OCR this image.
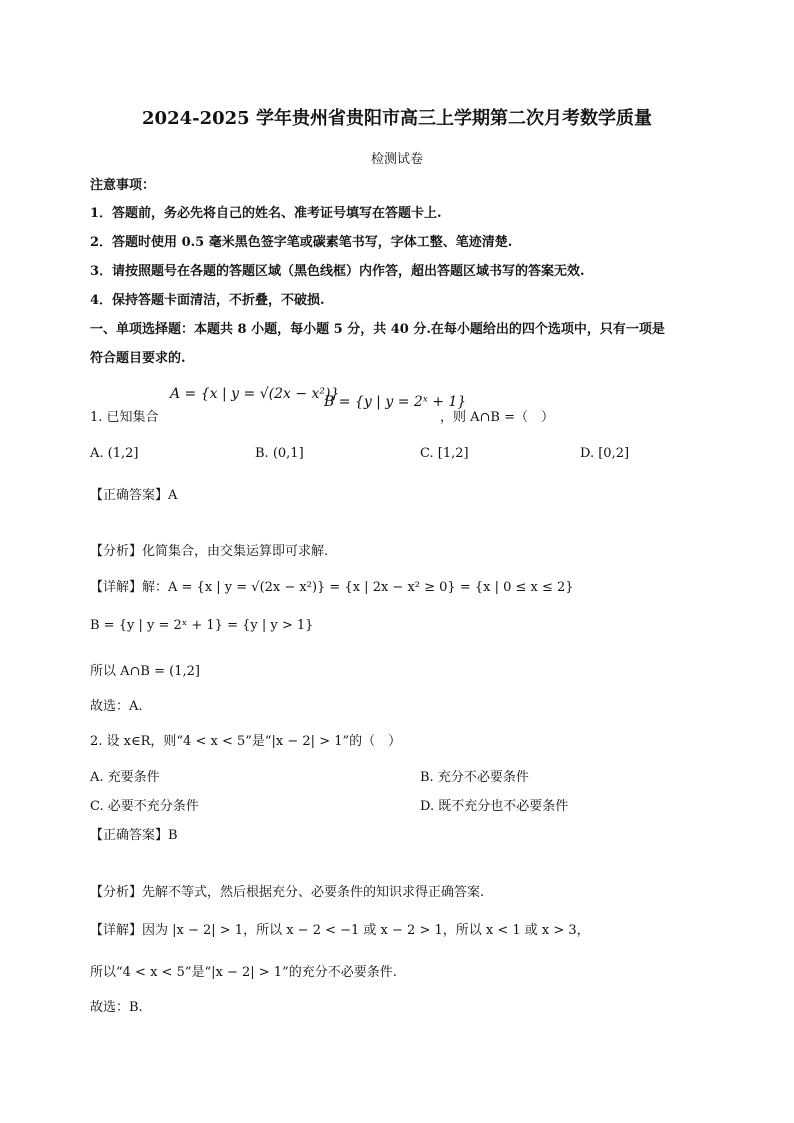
2024-2025 学年贵州省贵阳市高三上学期第二次月考数学质量
检测试卷
注意事项：
1．答题前，务必先将自己的姓名、准考证号填写在答题卡上.
2．答题时使用 0.5 毫米黑色签字笔或碳素笔书写，字体工整、笔迹清楚.
3．请按照题号在各题的答题区域（黑色线框）内作答，超出答题区域书写的答案无效.
4．保持答题卡面清洁，不折叠，不破损.
一、单项选择题：本题共 8 小题，每小题 5 分，共 40 分.在每小题给出的四个选项中，只有一项是
符合题目要求的.
1. 已知集合
A = {x | y = √(2x − x²)}
B = {y | y = 2ˣ + 1}
，则 A∩B =（　）
A. (1,2]	B. (0,1]	C. [1,2]	D. [0,2]
【正确答案】A
【分析】化简集合，由交集运算即可求解.
【详解】解：A = {x | y = √(2x − x²)} = {x | 2x − x² ≥ 0} = {x | 0 ≤ x ≤ 2}
B = {y | y = 2ˣ + 1} = {y | y > 1}
所以 A∩B = (1,2]
故选：A.
2. 设 x∈R，则“4 < x < 5”是“|x − 2| > 1”的（　）
A. 充要条件	B. 充分不必要条件
C. 必要不充分条件	D. 既不充分也不必要条件
【正确答案】B
【分析】先解不等式，然后根据充分、必要条件的知识求得正确答案.
【详解】因为 |x − 2| > 1，所以 x − 2 < −1 或 x − 2 > 1，所以 x < 1 或 x > 3，
所以“4 < x < 5”是“|x − 2| > 1”的充分不必要条件.
故选：B.
